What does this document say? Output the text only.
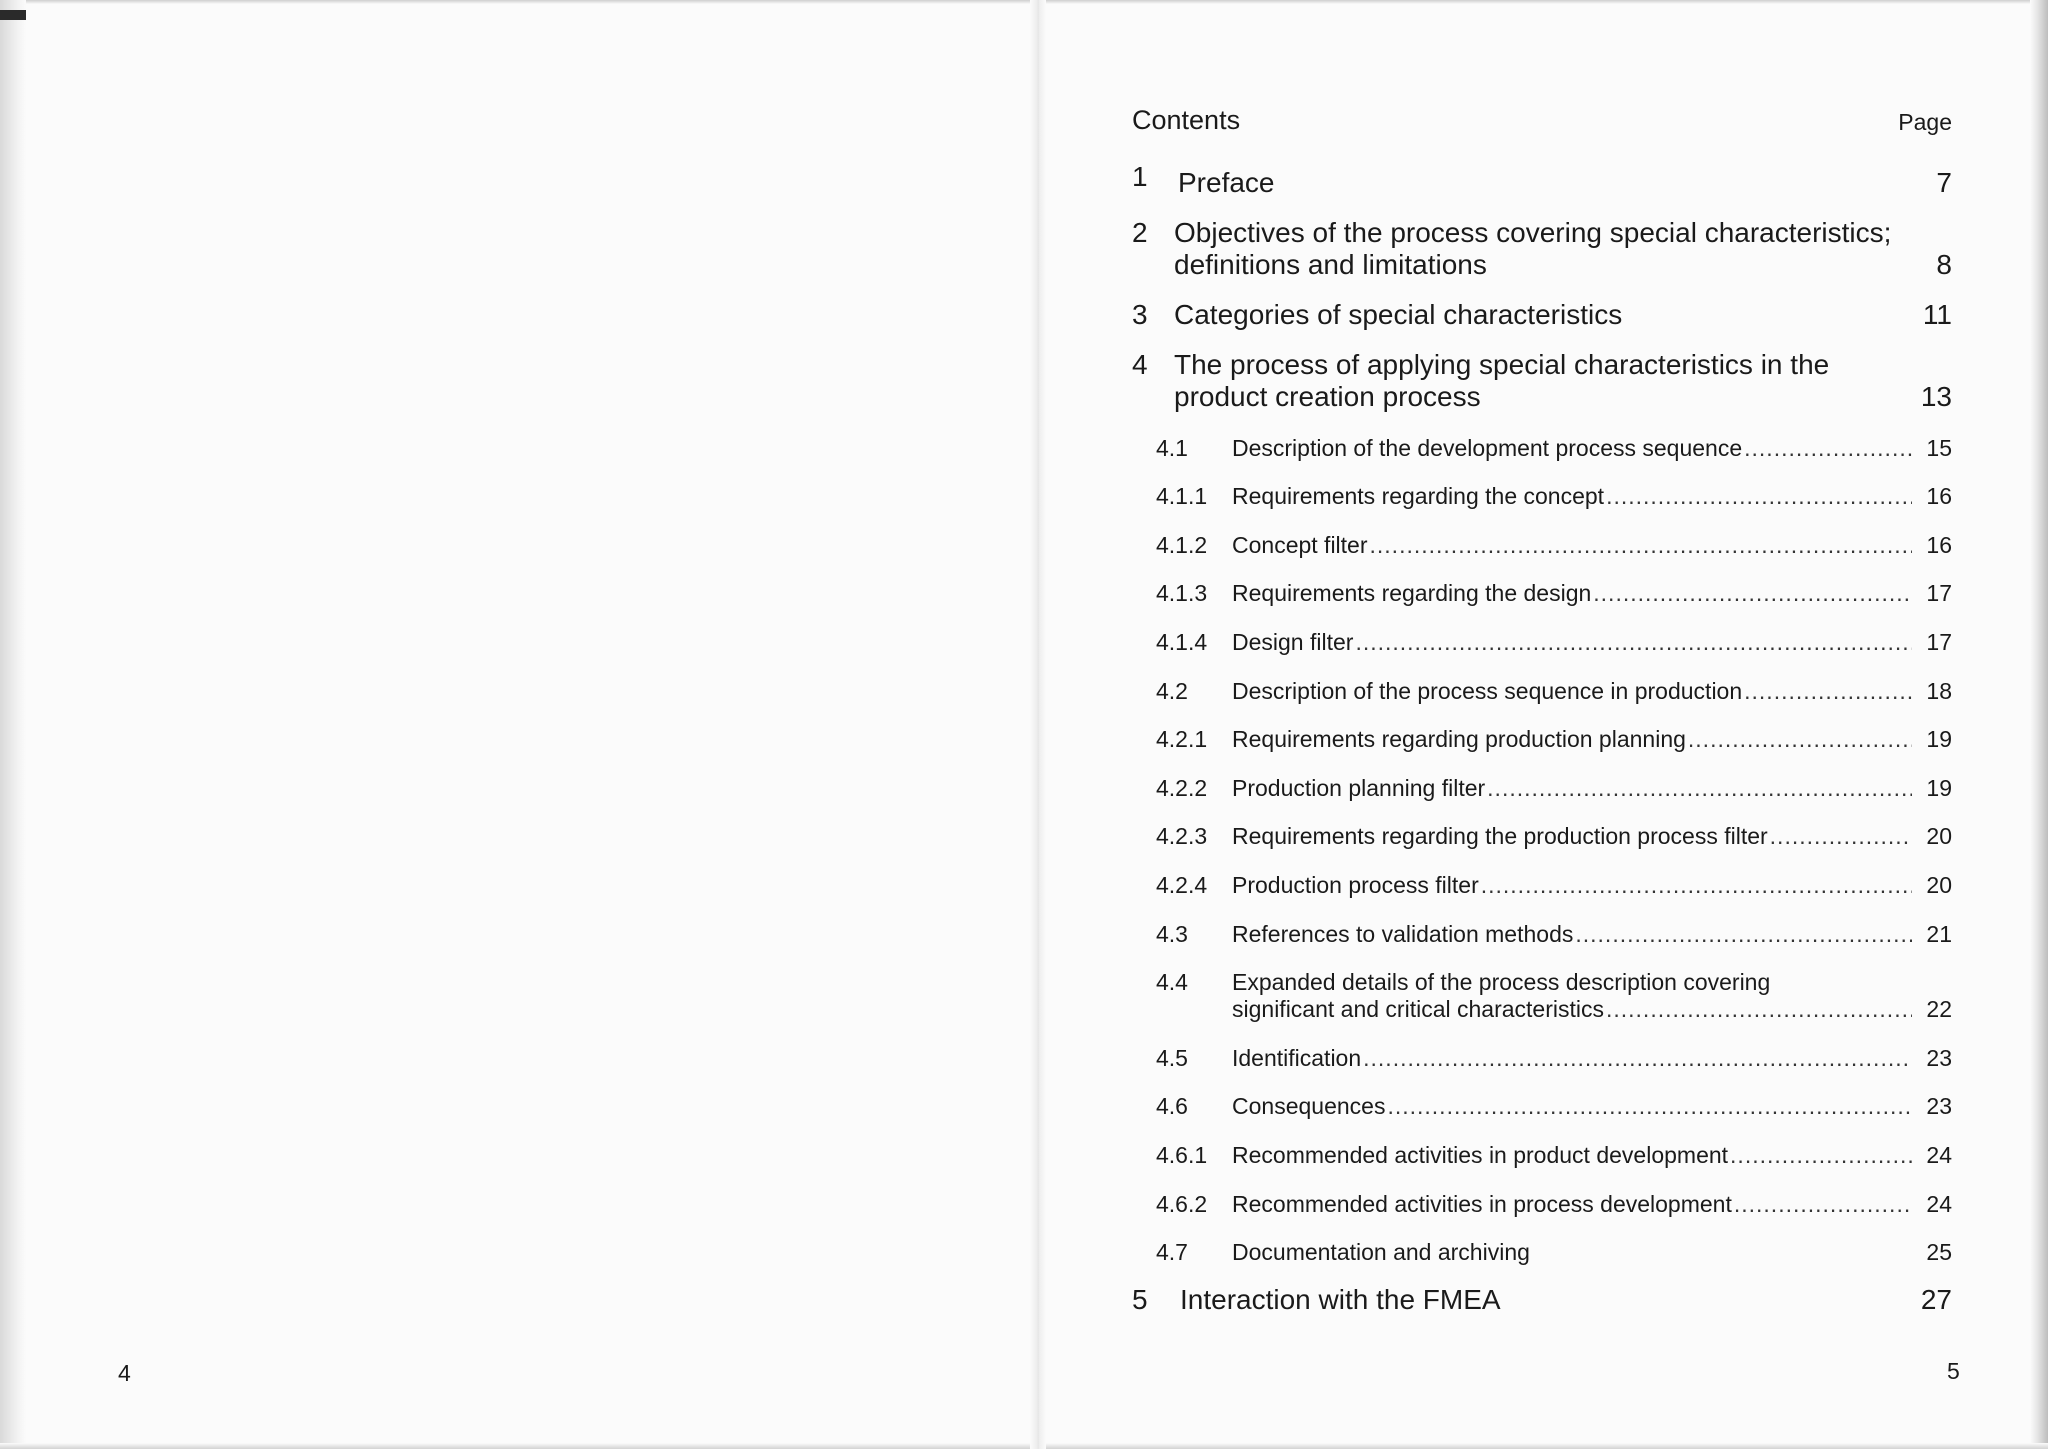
4
Contents	Page
1	Preface	7
2 Objectives of the process covering special characteristics; definitions and limitations	8
3 Categories of special characteristics	11
4 The process of applying special characteristics in the product creation process	13
4.1	Description of the development process sequence .....	15
4.1.1	Requirements regarding the concept .....	16
4.1.2	Concept filter .....	16
4.1.3	Requirements regarding the design .....	17
4.1.4	Design filter .....	17
4.2	Description of the process sequence in production .....	18
4.2.1	Requirements regarding production planning .....	19
4.2.2	Production planning filter .....	19
4.2.3	Requirements regarding the production process filter .....	20
4.2.4	Production process filter .....	20
4.3	References to validation methods .....	21
4.4	Expanded details of the process description covering
significant and critical characteristics .....	22
4.5	Identification .....	23
4.6	Consequences .....	23
4.6.1	Recommended activities in product development .....	24
4.6.2	Recommended activities in process development .....	24
4.7	Documentation and archiving	25
5	Interaction with the FMEA	27
5
